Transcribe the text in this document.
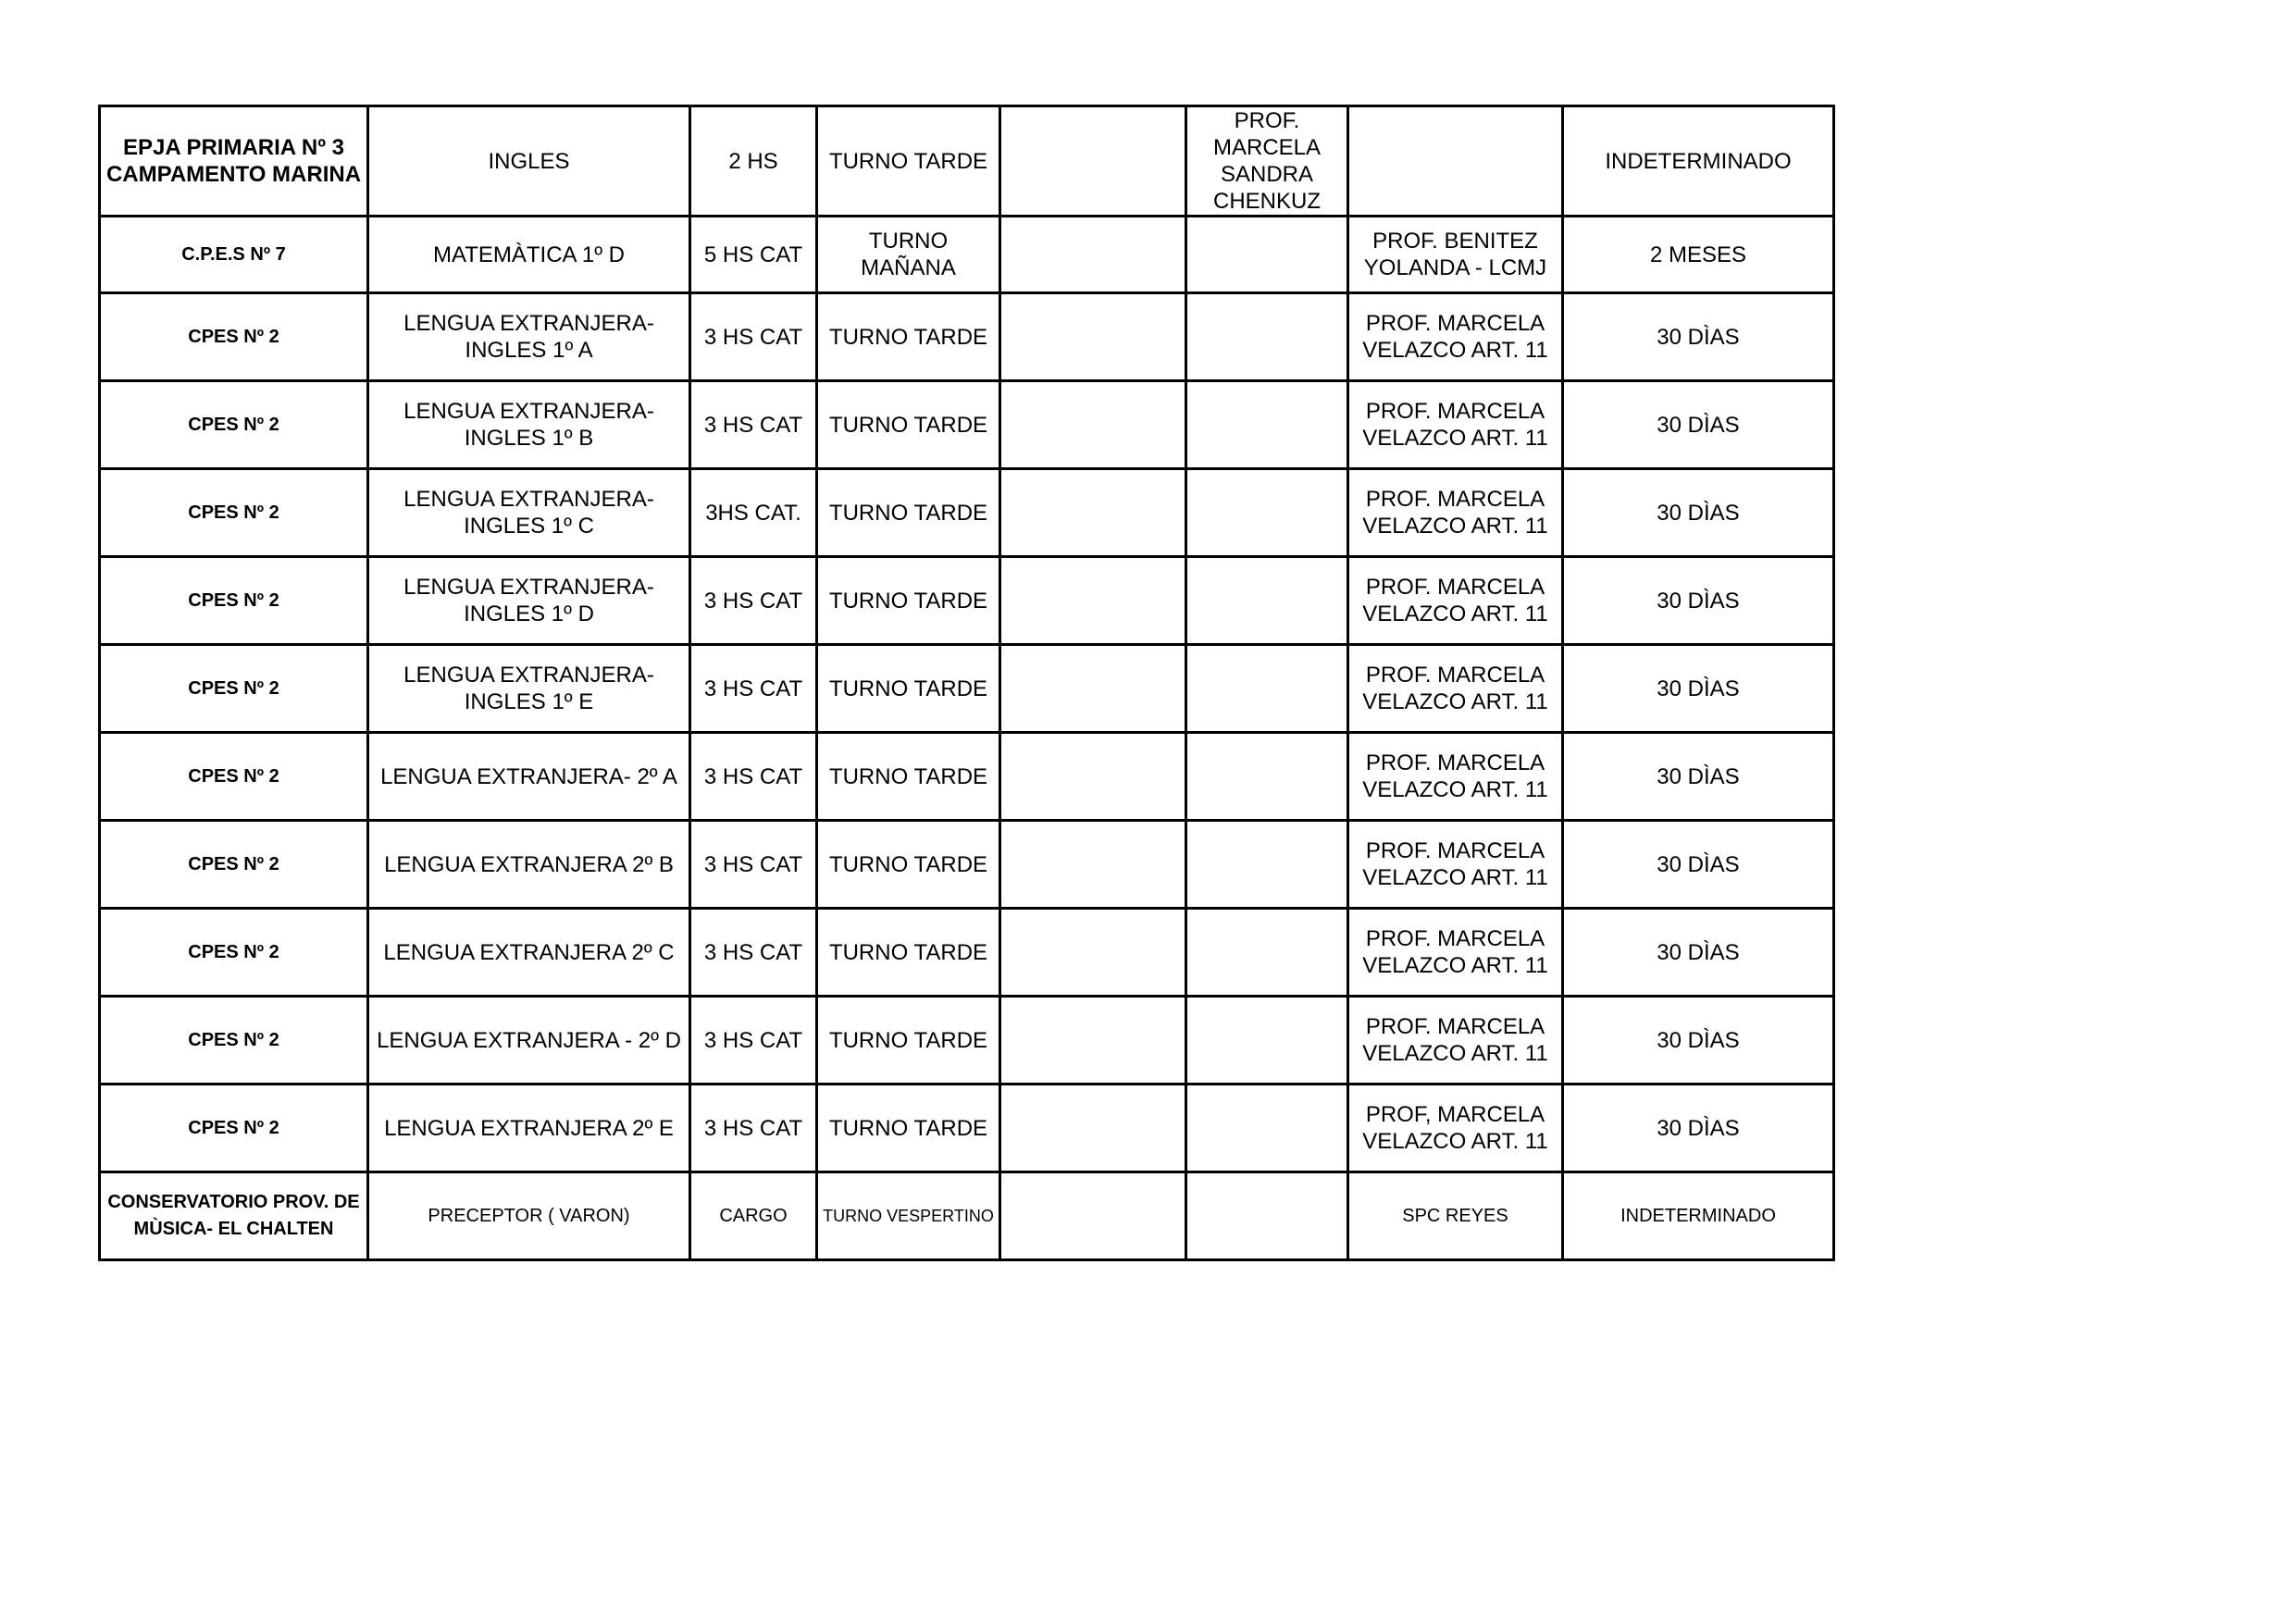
EPJA PRIMARIA Nº 3
CAMPAMENTO MARINA	INGLES	2 HS	TURNO TARDE		PROF.
MARCELA
SANDRA
CHENKUZ		INDETERMINADO
C.P.E.S Nº 7	MATEMÀTICA 1º D	5 HS CAT	TURNO MAÑANA			PROF. BENITEZ
YOLANDA - LCMJ	2 MESES
CPES Nº 2	LENGUA EXTRANJERA-
INGLES 1º A	3 HS CAT	TURNO TARDE			PROF. MARCELA
VELAZCO ART. 11	30 DÌAS
CPES Nº 2	LENGUA EXTRANJERA-
INGLES 1º B	3 HS CAT	TURNO TARDE			PROF. MARCELA
VELAZCO ART. 11	30 DÌAS
CPES Nº 2	LENGUA EXTRANJERA-
INGLES 1º C	3HS CAT.	TURNO TARDE			PROF. MARCELA
VELAZCO ART. 11	30 DÌAS
CPES Nº 2	LENGUA EXTRANJERA-
INGLES 1º D	3 HS CAT	TURNO TARDE			PROF. MARCELA
VELAZCO ART. 11	30 DÌAS
CPES Nº 2	LENGUA EXTRANJERA-
INGLES 1º E	3 HS CAT	TURNO TARDE			PROF. MARCELA
VELAZCO ART. 11	30 DÌAS
CPES Nº 2	LENGUA EXTRANJERA- 2º A	3 HS CAT	TURNO TARDE			PROF. MARCELA
VELAZCO ART. 11	30 DÌAS
CPES Nº 2	LENGUA EXTRANJERA 2º B	3 HS CAT	TURNO TARDE			PROF. MARCELA
VELAZCO ART. 11	30 DÌAS
CPES Nº 2	LENGUA EXTRANJERA 2º C	3 HS CAT	TURNO TARDE			PROF. MARCELA
VELAZCO ART. 11	30 DÌAS
CPES Nº 2	LENGUA EXTRANJERA - 2º D	3 HS CAT	TURNO TARDE			PROF. MARCELA
VELAZCO ART. 11	30 DÌAS
CPES Nº 2	LENGUA EXTRANJERA 2º E	3 HS CAT	TURNO TARDE			PROF, MARCELA
VELAZCO ART. 11	30 DÌAS
CONSERVATORIO PROV. DE
MÙSICA- EL CHALTEN	PRECEPTOR ( VARON)	CARGO	TURNO VESPERTINO			SPC REYES	INDETERMINADO
